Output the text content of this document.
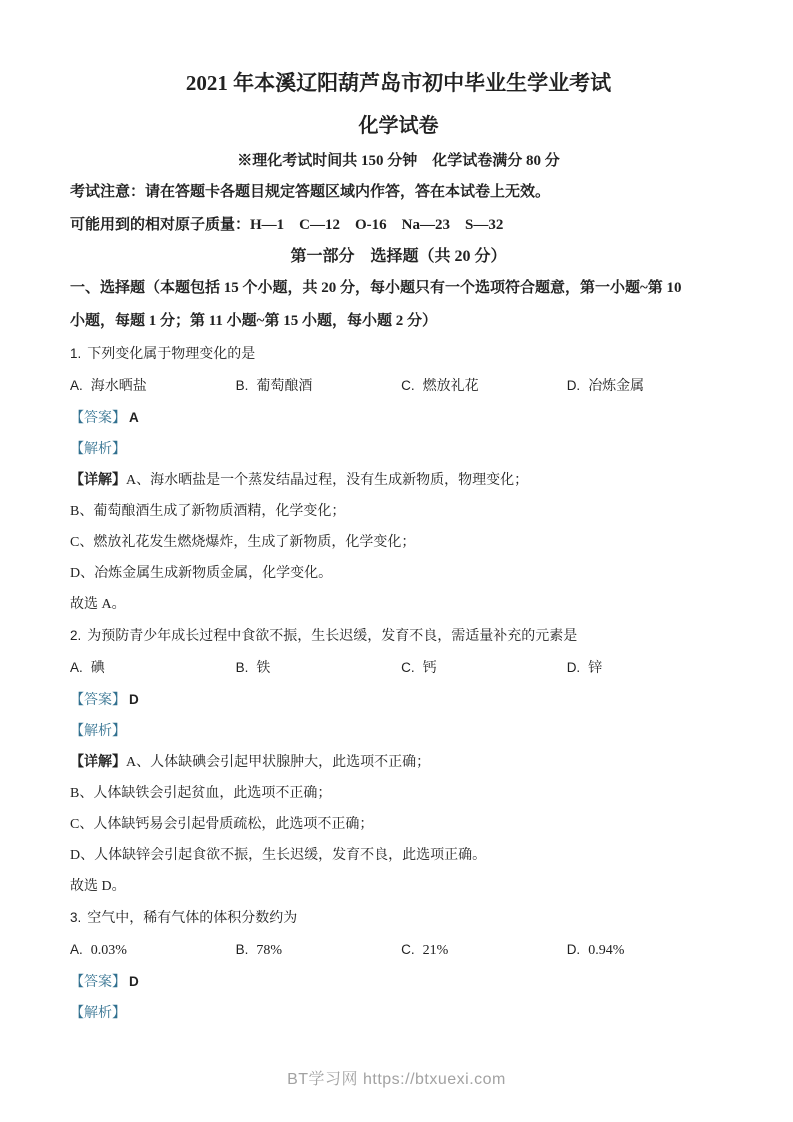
2021 年本溪辽阳葫芦岛市初中毕业生学业考试
化学试卷

※理化考试时间共 150 分钟　化学试卷满分 80 分

考试注意：请在答题卡各题目规定答题区域内作答，答在本试卷上无效。

可能用到的相对原子质量：H—1　C—12　O-16　Na—23　S—32

第一部分　选择题（共 20 分）

一、选择题（本题包括 15 个小题，共 20 分，每小题只有一个选项符合题意，第一小题~第 10

小题，每题 1 分；第 11 小题~第 15 小题，每小题 2 分）

1. 下列变化属于物理变化的是

A. 海水晒盐	B. 葡萄酿酒	C. 燃放礼花	D. 冶炼金属

【答案】 A

【解析】

【详解】A、海水晒盐是一个蒸发结晶过程，没有生成新物质，物理变化；

B、葡萄酿酒生成了新物质酒精，化学变化；

C、燃放礼花发生燃烧爆炸，生成了新物质，化学变化；

D、冶炼金属生成新物质金属，化学变化。

故选 A。

2. 为预防青少年成长过程中食欲不振，生长迟缓，发育不良，需适量补充的元素是

A. 碘	B. 铁	C. 钙	D. 锌

【答案】 D

【解析】

【详解】A、人体缺碘会引起甲状腺肿大，此选项不正确；

B、人体缺铁会引起贫血，此选项不正确；

C、人体缺钙易会引起骨质疏松，此选项不正确；

D、人体缺锌会引起食欲不振，生长迟缓，发育不良，此选项正确。

故选 D。

3. 空气中，稀有气体的体积分数约为

A. 0.03%	B. 78%	C. 21%	D. 0.94%

【答案】 D

【解析】

BT学习网 https://btxuexi.com
